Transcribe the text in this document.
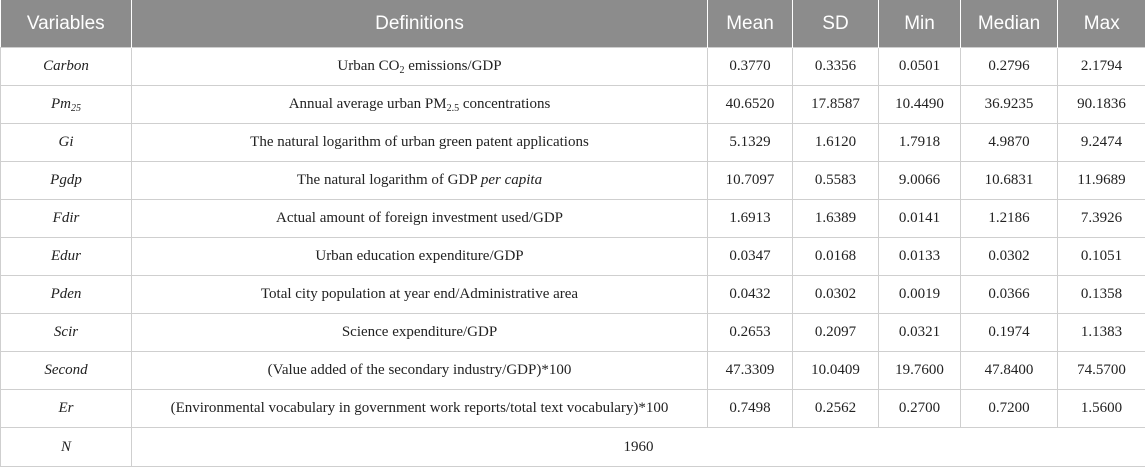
Variables	Definitions	Mean	SD	Min	Median	Max
Carbon	Urban $CO_2$ emissions/GDP	0.3770	0.3356	0.0501	0.2796	2.1794
$Pm_{25}$	Annual average urban $PM_{2.5}$ concentrations	40.6520	17.8587	10.4490	36.9235	90.1836
Gi	The natural logarithm of urban green patent applications	5.1329	1.6120	1.7918	4.9870	9.2474
Pgdp	The natural logarithm of GDP per capita	10.7097	0.5583	9.0066	10.6831	11.9689
Fdir	Actual amount of foreign investment used/GDP	1.6913	1.6389	0.0141	1.2186	7.3926
Edur	Urban education expenditure/GDP	0.0347	0.0168	0.0133	0.0302	0.1051
Pden	Total city population at year end/Administrative area	0.0432	0.0302	0.0019	0.0366	0.1358
Scir	Science expenditure/GDP	0.2653	0.2097	0.0321	0.1974	1.1383
Second	(Value added of the secondary industry/GDP)*100	47.3309	10.0409	19.7600	47.8400	74.5700
Er	(Environmental vocabulary in government work reports/total text vocabulary)*100	0.7498	0.2562	0.2700	0.7200	1.5600
N	1960					
